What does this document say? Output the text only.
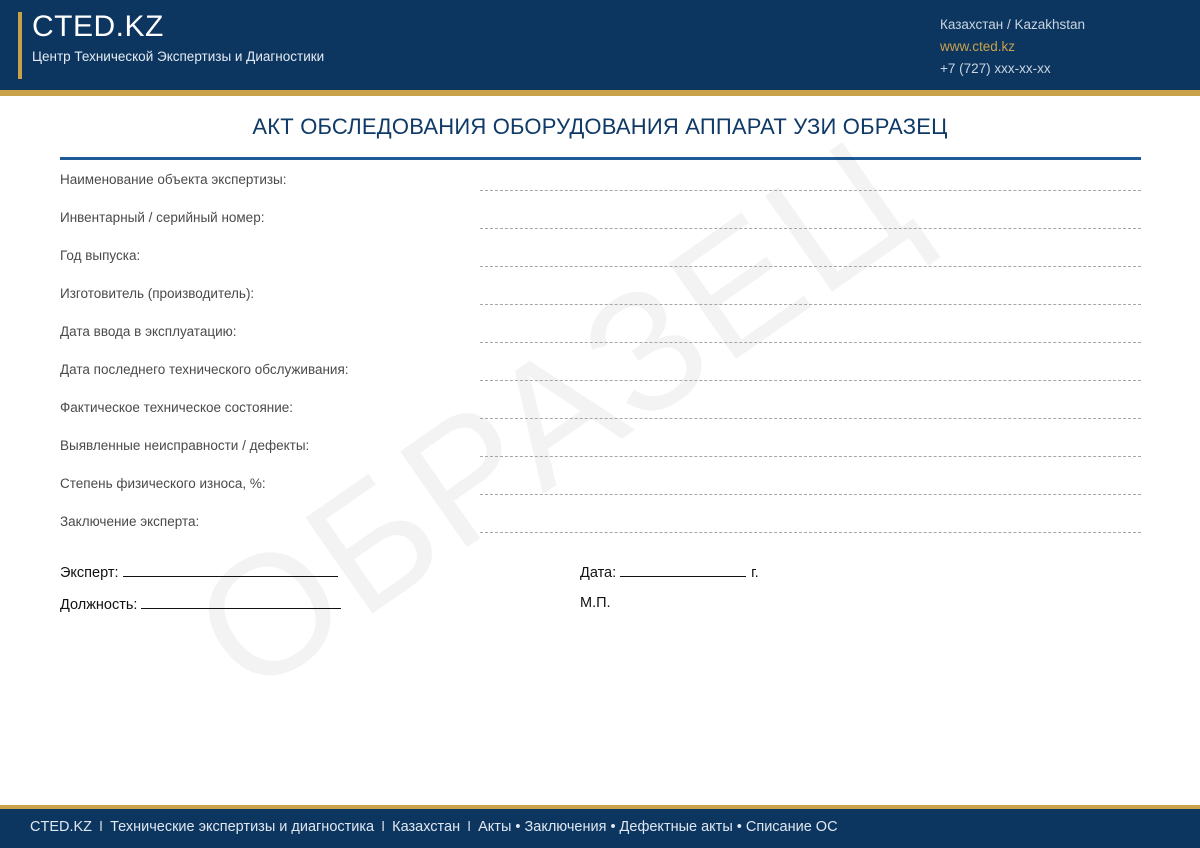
CTED.KZ
Центр Технической Экспертизы и Диагностики
Казахстан / Kazakhstan
www.cted.kz
+7 (727) xxx-xx-xx
АКТ ОБСЛЕДОВАНИЯ ОБОРУДОВАНИЯ АППАРАТ УЗИ ОБРАЗЕЦ
Наименование объекта экспертизы:
Инвентарный / серийный номер:
Год выпуска:
Изготовитель (производитель):
Дата ввода в эксплуатацию:
Дата последнего технического обслуживания:
Фактическое техническое состояние:
Выявленные неисправности / дефекты:
Степень физического износа, %:
Заключение эксперта:
Эксперт:
Должность:
Дата:	г.
М.П.
CTED.KZ I Технические экспертизы и диагностика I Казахстан I Акты • Заключения • Дефектные акты • Списание ОС
